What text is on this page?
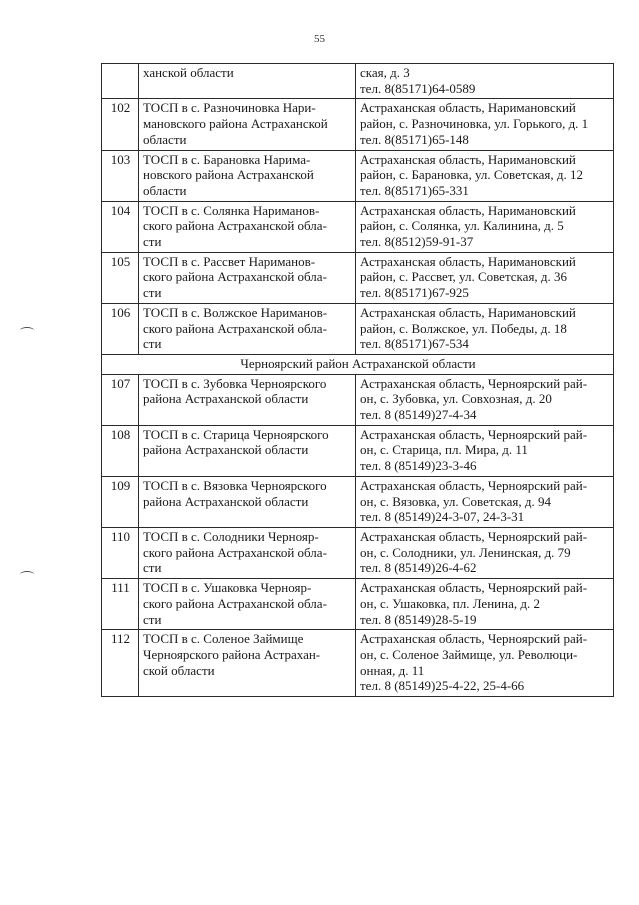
55

	ханской области	ская, д. 3
тел. 8(85171)64-0589

102	ТОСП в с. Разночиновка Нари-
мановского района Астраханской
области	Астраханская область, Наримановский
район, с. Разночиновка, ул. Горького, д. 1
тел. 8(85171)65-148

103	ТОСП в с. Барановка Нарима-
новского района Астраханской
области	Астраханская область, Наримановский
район, с. Барановка, ул. Советская, д. 12
тел. 8(85171)65-331

104	ТОСП в с. Солянка Нариманов-
ского района Астраханской обла-
сти	Астраханская область, Наримановский
район, с. Солянка, ул. Калинина, д. 5
тел. 8(8512)59-91-37

105	ТОСП в с. Рассвет Нариманов-
ского района Астраханской обла-
сти	Астраханская область, Наримановский
район, с. Рассвет, ул. Советская, д. 36
тел. 8(85171)67-925

106	ТОСП в с. Волжское Нариманов-
ского района Астраханской обла-
сти	Астраханская область, Наримановский
район, с. Волжское, ул. Победы, д. 18
тел. 8(85171)67-534

Черноярский район Астраханской области		
107	ТОСП в с. Зубовка Черноярского
района Астраханской области	Астраханская область, Черноярский рай-
он, с. Зубовка, ул. Совхозная, д. 20
тел. 8 (85149)27-4-34

108	ТОСП в с. Старица Черноярского
района Астраханской области	Астраханская область, Черноярский рай-
он, с. Старица, пл. Мира, д. 11
тел. 8 (85149)23-3-46

109	ТОСП в с. Вязовка Черноярского
района Астраханской области	Астраханская область, Черноярский рай-
он, с. Вязовка, ул. Советская, д. 94
тел. 8 (85149)24-3-07, 24-3-31

110	ТОСП в с. Солодники Чернояр-
ского района Астраханской обла-
сти	Астраханская область, Черноярский рай-
он, с. Солодники, ул. Ленинская, д. 79
тел. 8 (85149)26-4-62

111	ТОСП в с. Ушаковка Чернояр-
ского района Астраханской обла-
сти	Астраханская область, Черноярский рай-
он, с. Ушаковка, пл. Ленина, д. 2
тел. 8 (85149)28-5-19

112	ТОСП в с. Соленое Займище
Черноярского района Астрахан-
ской области	Астраханская область, Черноярский рай-
он, с. Соленое Займище, ул. Революци-
онная, д. 11
тел. 8 (85149)25-4-22, 25-4-66
